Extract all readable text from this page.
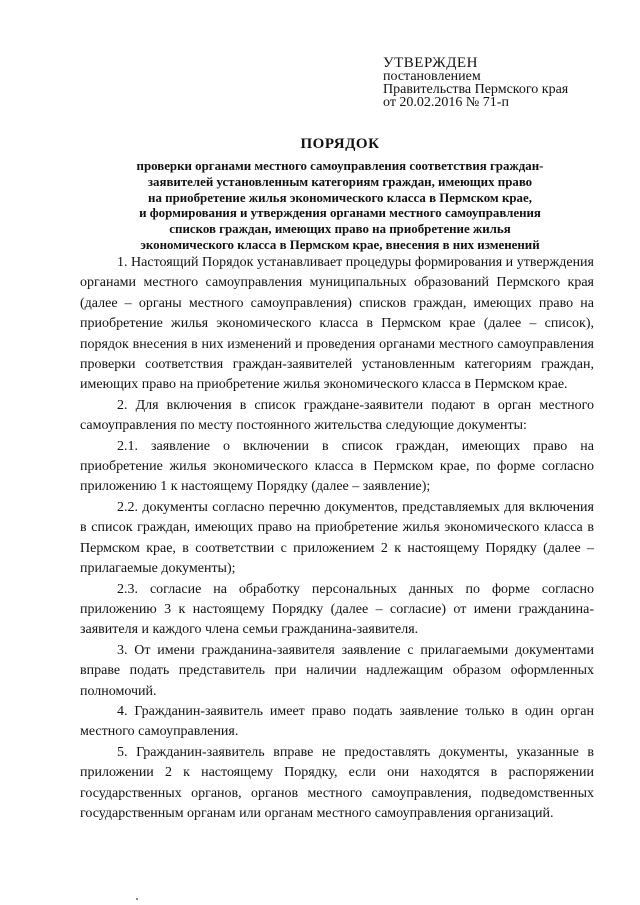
УТВЕРЖДЕН
постановлением
Правительства Пермского края
от 20.02.2016 № 71-п
ПОРЯДОК
проверки органами местного самоуправления соответствия граждан-
заявителей установленным категориям граждан, имеющих право
на приобретение жилья экономического класса в Пермском крае,
и формирования и утверждения органами местного самоуправления
списков граждан, имеющих право на приобретение жилья
экономического класса в Пермском крае, внесения в них изменений

1. Настоящий Порядок устанавливает процедуры формирования и утверждения органами местного самоуправления муниципальных образований Пермского края (далее – органы местного самоуправления) списков граждан, имеющих право на приобретение жилья экономического класса в Пермском крае (далее – список), порядок внесения в них изменений и проведения органами местного самоуправления проверки соответствия граждан-заявителей установленным категориям граждан, имеющих право на приобретение жилья экономического класса в Пермском крае.

2. Для включения в список граждане-заявители подают в орган местного самоуправления по месту постоянного жительства следующие документы:

2.1. заявление о включении в список граждан, имеющих право на приобретение жилья экономического класса в Пермском крае, по форме согласно приложению 1 к настоящему Порядку (далее – заявление);

2.2. документы согласно перечню документов, представляемых для включения в список граждан, имеющих право на приобретение жилья экономического класса в Пермском крае, в соответствии с приложением 2 к настоящему Порядку (далее – прилагаемые документы);

2.3. согласие на обработку персональных данных по форме согласно приложению 3 к настоящему Порядку (далее – согласие) от имени гражданина-заявителя и каждого члена семьи гражданина-заявителя.

3. От имени гражданина-заявителя заявление с прилагаемыми документами вправе подать представитель при наличии надлежащим образом оформленных полномочий.

4. Гражданин-заявитель имеет право подать заявление только в один орган местного самоуправления.

5. Гражданин-заявитель вправе не предоставлять документы, указанные в приложении 2 к настоящему Порядку, если они находятся в распоряжении государственных органов, органов местного самоуправления, подведомственных государственным органам или органам местного самоуправления организаций.
